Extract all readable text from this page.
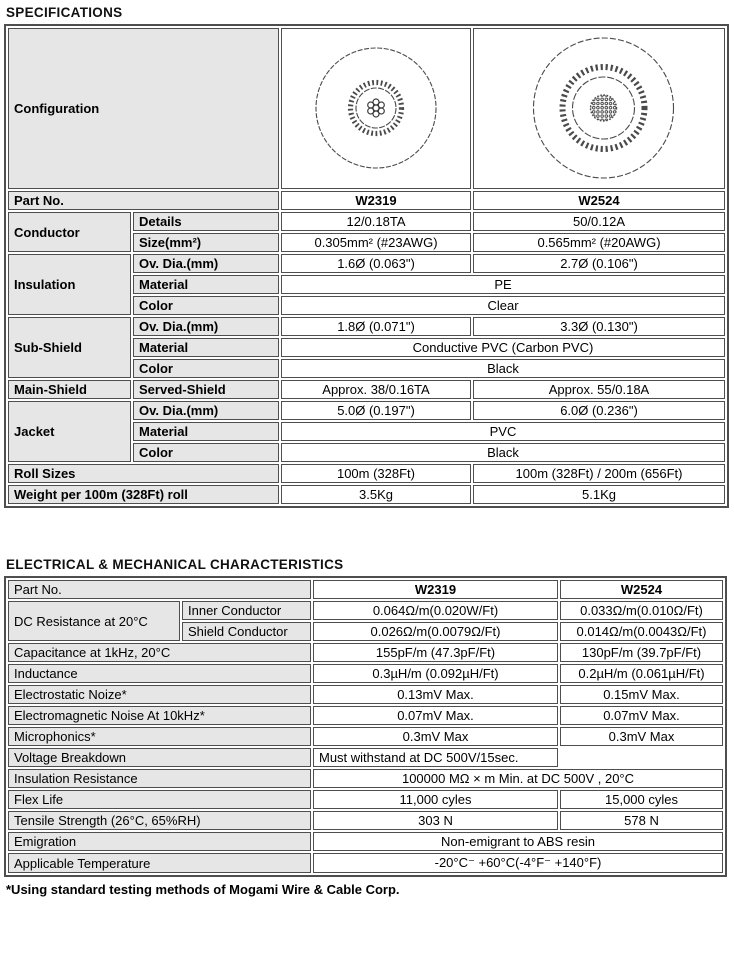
SPECIFICATIONS
Configuration	

Part No.		W2319	W2524
Conductor	Details	12/0.18TA	50/0.12A
	Size(mm²)	0.305mm² (#23AWG)	0.565mm² (#20AWG)
Insulation	Ov. Dia.(mm)	1.6Ø (0.063")	2.7Ø (0.106")
	Material	PE	
	Color	Clear	
Sub-Shield	Ov. Dia.(mm)	1.8Ø (0.071")	3.3Ø (0.130")
	Material	Conductive PVC (Carbon PVC)	
	Color	Black	
Main-Shield	Served-Shield	Approx. 38/0.16TA	Approx. 55/0.18A
Jacket	Ov. Dia.(mm)	5.0Ø (0.197")	6.0Ø (0.236")
	Material	PVC	
	Color	Black	
Roll Sizes		100m (328Ft)	100m (328Ft) / 200m (656Ft)
Weight per 100m (328Ft) roll		3.5Kg	5.1Kg
ELECTRICAL & MECHANICAL CHARACTERISTICS
Part No.		W2319	W2524
DC Resistance at 20°C	Inner Conductor	0.064Ω/m(0.020W/Ft)	0.033Ω/m(0.010Ω/Ft)
	Shield Conductor	0.026Ω/m(0.0079Ω/Ft)	0.014Ω/m(0.0043Ω/Ft)
Capacitance at 1kHz, 20°C		155pF/m (47.3pF/Ft)	130pF/m (39.7pF/Ft)
Inductance		0.3µH/m (0.092µH/Ft)	0.2µH/m (0.061µH/Ft)
Electrostatic Noize*		0.13mV Max.	0.15mV Max.
Electromagnetic Noise At 10kHz*		0.07mV Max.	0.07mV Max.
Microphonics*		0.3mV Max	0.3mV Max
Voltage Breakdown		Must withstand at DC 500V/15sec.	
Insulation Resistance		100000 MΩ × m Min. at DC 500V , 20°C	
Flex Life		11,000 cyles	15,000 cyles
Tensile Strength (26°C, 65%RH)		303 N	578 N
Emigration		Non-emigrant to ABS resin	
Applicable Temperature		-20°C⁻ +60°C(-4°F⁻ +140°F)	
*Using standard testing methods of Mogami Wire & Cable Corp.
